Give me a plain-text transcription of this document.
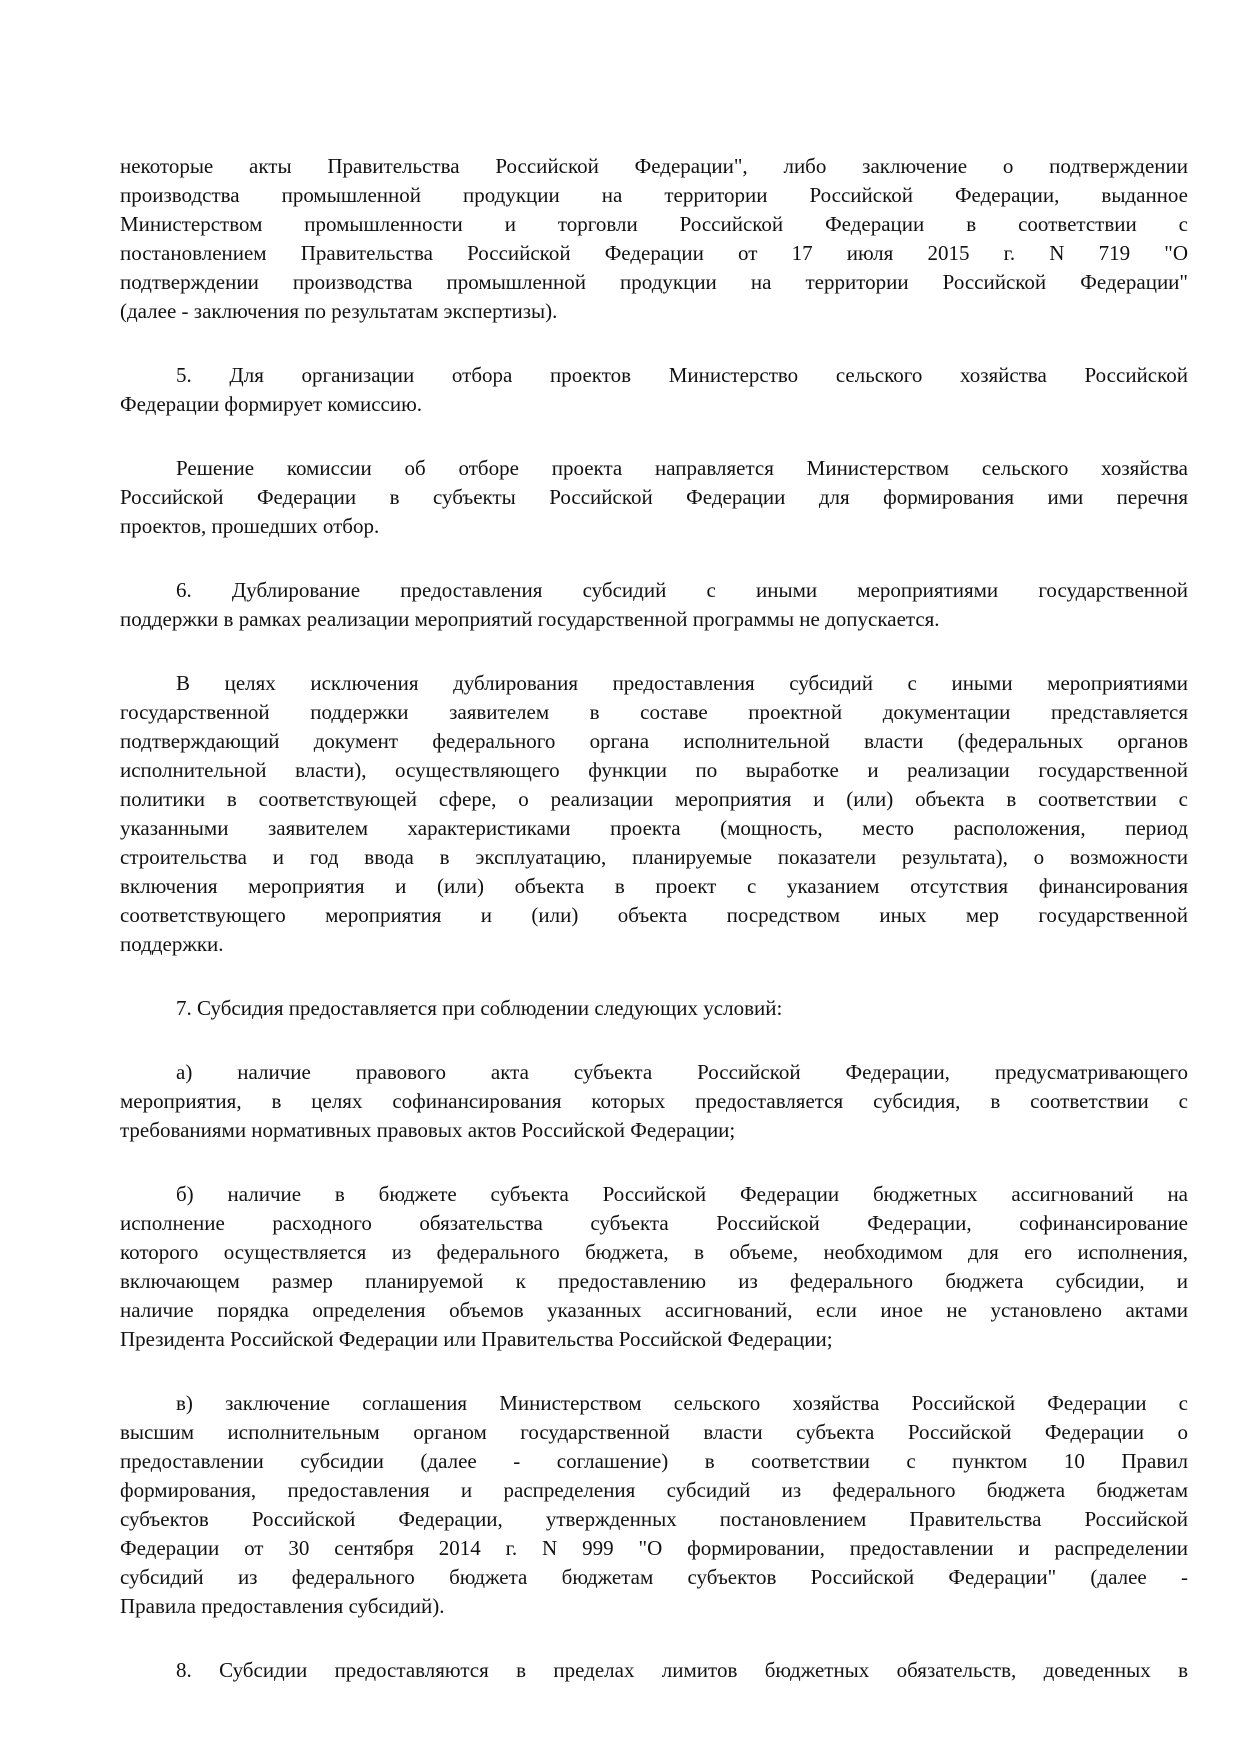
некоторые акты Правительства Российской Федерации", либо заключение о подтверждении
производства промышленной продукции на территории Российской Федерации, выданное
Министерством промышленности и торговли Российской Федерации в соответствии с
постановлением Правительства Российской Федерации от 17 июля 2015 г. N 719 "О
подтверждении производства промышленной продукции на территории Российской Федерации"
(далее - заключения по результатам экспертизы).
5. Для организации отбора проектов Министерство сельского хозяйства Российской
Федерации формирует комиссию.
Решение комиссии об отборе проекта направляется Министерством сельского хозяйства
Российской Федерации в субъекты Российской Федерации для формирования ими перечня
проектов, прошедших отбор.
6. Дублирование предоставления субсидий с иными мероприятиями государственной
поддержки в рамках реализации мероприятий государственной программы не допускается.
В целях исключения дублирования предоставления субсидий с иными мероприятиями
государственной поддержки заявителем в составе проектной документации представляется
подтверждающий документ федерального органа исполнительной власти (федеральных органов
исполнительной власти), осуществляющего функции по выработке и реализации государственной
политики в соответствующей сфере, о реализации мероприятия и (или) объекта в соответствии с
указанными заявителем характеристиками проекта (мощность, место расположения, период
строительства и год ввода в эксплуатацию, планируемые показатели результата), о возможности
включения мероприятия и (или) объекта в проект с указанием отсутствия финансирования
соответствующего мероприятия и (или) объекта посредством иных мер государственной
поддержки.
7. Субсидия предоставляется при соблюдении следующих условий:
а) наличие правового акта субъекта Российской Федерации, предусматривающего
мероприятия, в целях софинансирования которых предоставляется субсидия, в соответствии с
требованиями нормативных правовых актов Российской Федерации;
б) наличие в бюджете субъекта Российской Федерации бюджетных ассигнований на
исполнение расходного обязательства субъекта Российской Федерации, софинансирование
которого осуществляется из федерального бюджета, в объеме, необходимом для его исполнения,
включающем размер планируемой к предоставлению из федерального бюджета субсидии, и
наличие порядка определения объемов указанных ассигнований, если иное не установлено актами
Президента Российской Федерации или Правительства Российской Федерации;
в) заключение соглашения Министерством сельского хозяйства Российской Федерации с
высшим исполнительным органом государственной власти субъекта Российской Федерации о
предоставлении субсидии (далее - соглашение) в соответствии с пунктом 10 Правил
формирования, предоставления и распределения субсидий из федерального бюджета бюджетам
субъектов Российской Федерации, утвержденных постановлением Правительства Российской
Федерации от 30 сентября 2014 г. N 999 "О формировании, предоставлении и распределении
субсидий из федерального бюджета бюджетам субъектов Российской Федерации" (далее -
Правила предоставления субсидий).
8. Субсидии предоставляются в пределах лимитов бюджетных обязательств, доведенных в
